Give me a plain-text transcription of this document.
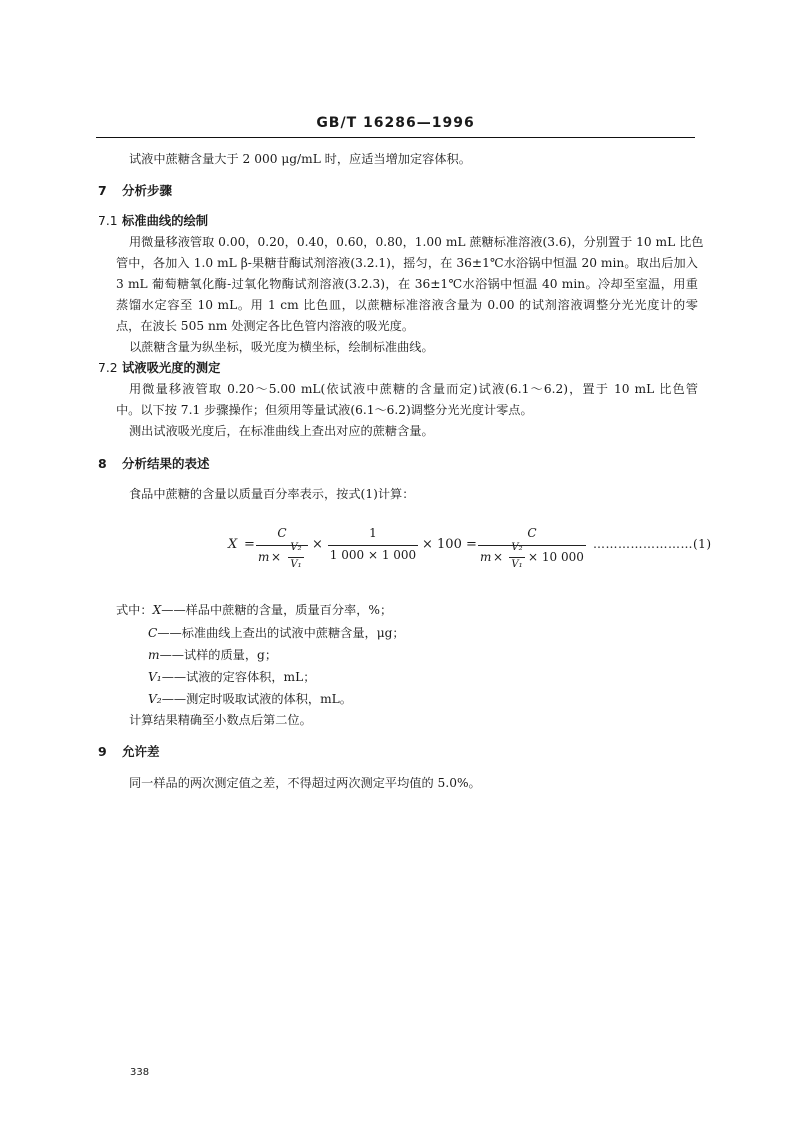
GB/T 16286—1996
试液中蔗糖含量大于 2 000 μg/mL 时，应适当增加定容体积。
7 分析步骤
7.1 标准曲线的绘制
用微量移液管取 0.00，0.20，0.40，0.60，0.80，1.00 mL 蔗糖标准溶液(3.6)，分别置于 10 mL 比色
管中，各加入 1.0 mL β-果糖苷酶试剂溶液(3.2.1)，摇匀，在 36±1℃水浴锅中恒温 20 min。取出后加入
3 mL 葡萄糖氧化酶-过氧化物酶试剂溶液(3.2.3)，在 36±1℃水浴锅中恒温 40 min。冷却至室温，用重
蒸馏水定容至 10 mL。用 1 cm 比色皿，以蔗糖标准溶液含量为 0.00 的试剂溶液调整分光光度计的零
点，在波长 505 nm 处测定各比色管内溶液的吸光度。
以蔗糖含量为纵坐标，吸光度为横坐标，绘制标准曲线。
7.2 试液吸光度的测定
用微量移液管取 0.20～5.00 mL(依试液中蔗糖的含量而定)试液(6.1～6.2)，置于 10 mL 比色管
中。以下按 7.1 步骤操作；但须用等量试液(6.1～6.2)调整分光光度计零点。
测出试液吸光度后，在标准曲线上查出对应的蔗糖含量。
8 分析结果的表述
食品中蔗糖的含量以质量百分率表示，按式(1)计算：
X =
C
m ×
V₂
V₁
×
1
1 000 × 1 000
× 100 =
C
m ×
V₂
V₁
× 10 000
……………………(1)
式中：X——样品中蔗糖的含量，质量百分率，%；
C——标准曲线上查出的试液中蔗糖含量，μg；
m——试样的质量，g；
V₁——试液的定容体积，mL；
V₂——测定时吸取试液的体积，mL。
计算结果精确至小数点后第二位。
9 允许差
同一样品的两次测定值之差，不得超过两次测定平均值的 5.0%。
338
